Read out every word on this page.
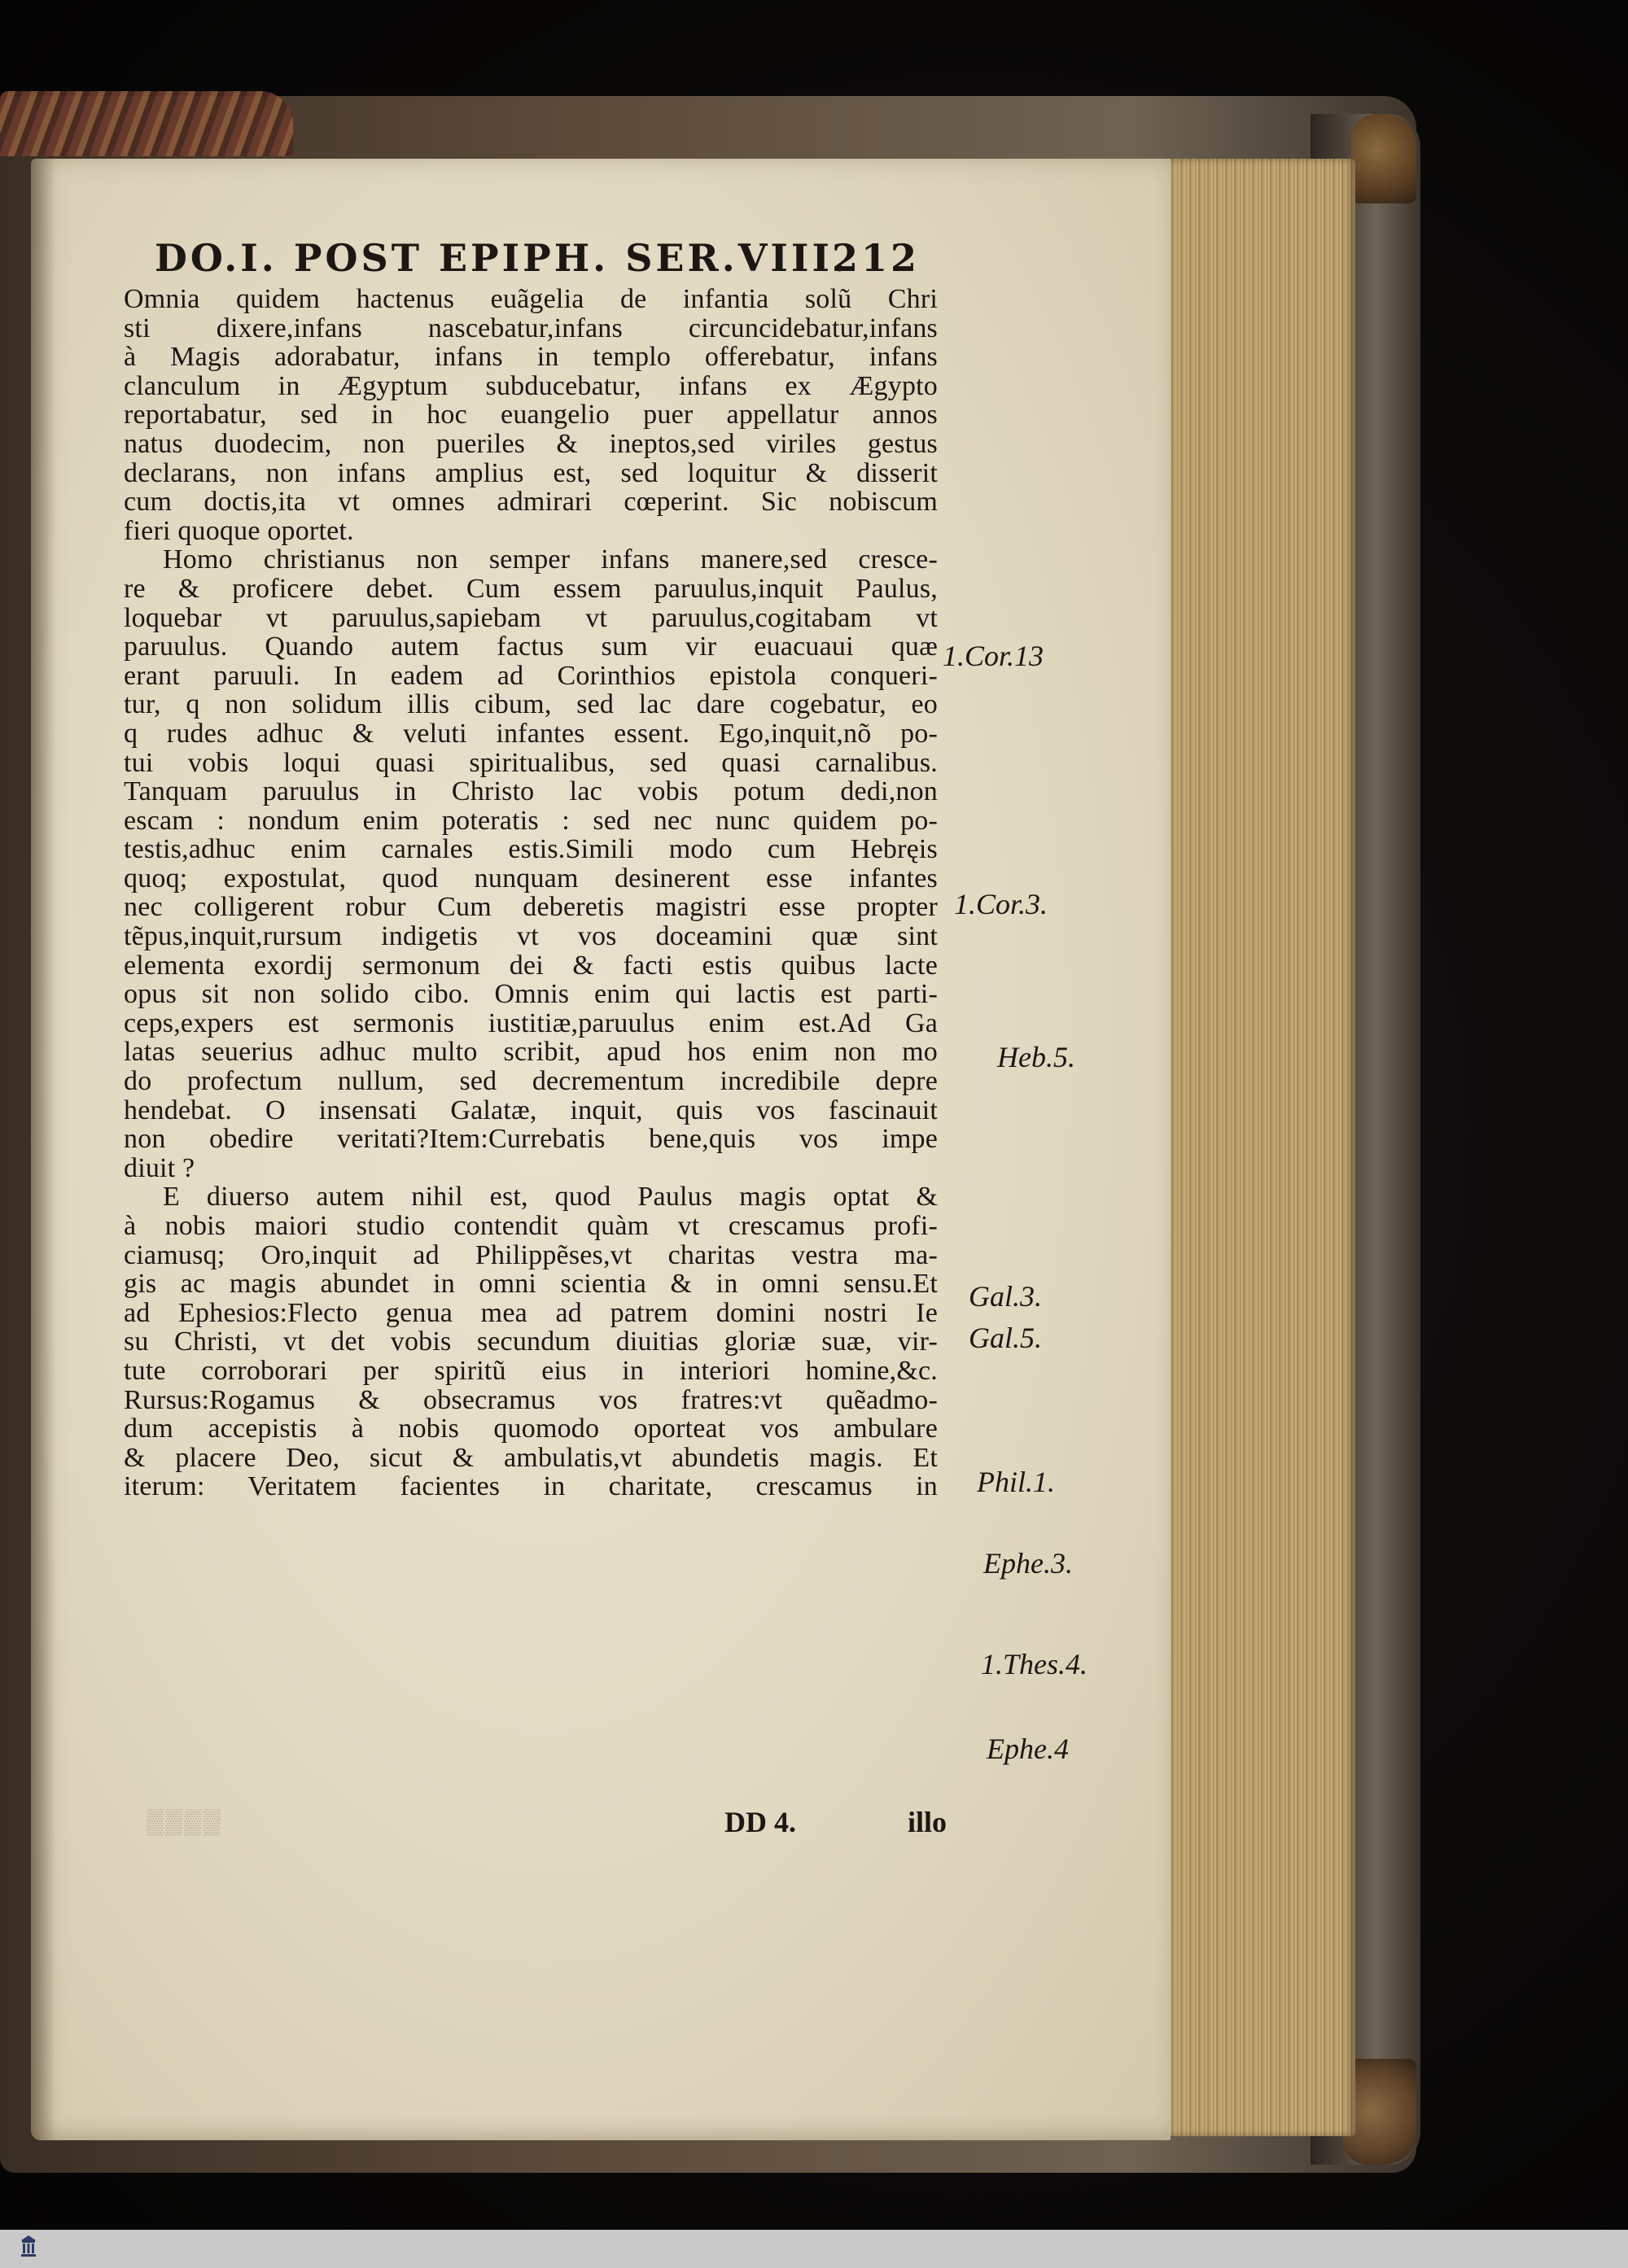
DO.I. POST EPIPH. SER.VIII.
212
Omnia quidem hactenus euãgelia de infantia solũ Chri
sti dixere,infans nascebatur,infans circuncidebatur,infans
à Magis adorabatur, infans in templo offerebatur, infans
clanculum in Ægyptum subducebatur, infans ex Ægypto
reportabatur, sed in hoc euangelio puer appellatur annos
natus duodecim, non pueriles & ineptos,sed viriles gestus
declarans, non infans amplius est, sed loquitur & disserit
cum doctis,ita vt omnes admirari cœperint. Sic nobiscum
fieri quoque oportet.
Homo christianus non semper infans manere,sed cresce-
re & proficere debet. Cum essem paruulus,inquit Paulus,
loquebar vt paruulus,sapiebam vt paruulus,cogitabam vt
paruulus. Quando autem factus sum vir euacuaui quæ
erant paruuli. In eadem ad Corinthios epistola conqueri-
tur, q non solidum illis cibum, sed lac dare cogebatur, eo
q rudes adhuc & veluti infantes essent. Ego,inquit,nõ po-
tui vobis loqui quasi spiritualibus, sed quasi carnalibus.
Tanquam paruulus in Christo lac vobis potum dedi,non
escam : nondum enim poteratis : sed nec nunc quidem po-
testis,adhuc enim carnales estis.Simili modo cum Hebręis
quoq; expostulat, quod nunquam desinerent esse infantes
nec colligerent robur Cum deberetis magistri esse propter
tẽpus,inquit,rursum indigetis vt vos doceamini quæ sint
elementa exordij sermonum dei & facti estis quibus lacte
opus sit non solido cibo. Omnis enim qui lactis est parti-
ceps,expers est sermonis iustitiæ,paruulus enim est.Ad Ga
latas seuerius adhuc multo scribit, apud hos enim non mo
do profectum nullum, sed decrementum incredibile depre
hendebat. O insensati Galatæ, inquit, quis vos fascinauit
non obedire veritati?Item:Currebatis bene,quis vos impe
diuit ?
E diuerso autem nihil est, quod Paulus magis optat &
à nobis maiori studio contendit quàm vt crescamus profi-
ciamusq; Oro,inquit ad Philippẽses,vt charitas vestra ma-
gis ac magis abundet in omni scientia & in omni sensu.Et
ad Ephesios:Flecto genua mea ad patrem domini nostri Ie
su Christi, vt det vobis secundum diuitias gloriæ suæ, vir-
tute corroborari per spiritũ eius in interiori homine,&c.
Rursus:Rogamus & obsecramus vos fratres:vt quẽadmo-
dum accepistis à nobis quomodo oporteat vos ambulare
& placere Deo, sicut & ambulatis,vt abundetis magis. Et
iterum: Veritatem facientes in charitate, crescamus in
1.Cor.13
1.Cor.3.
Heb.5.
Gal.3.
Gal.5.
Phil.1.
Ephe.3.
1.Thes.4.
Ephe.4
▒▒▒▒	DD 4.	illo
